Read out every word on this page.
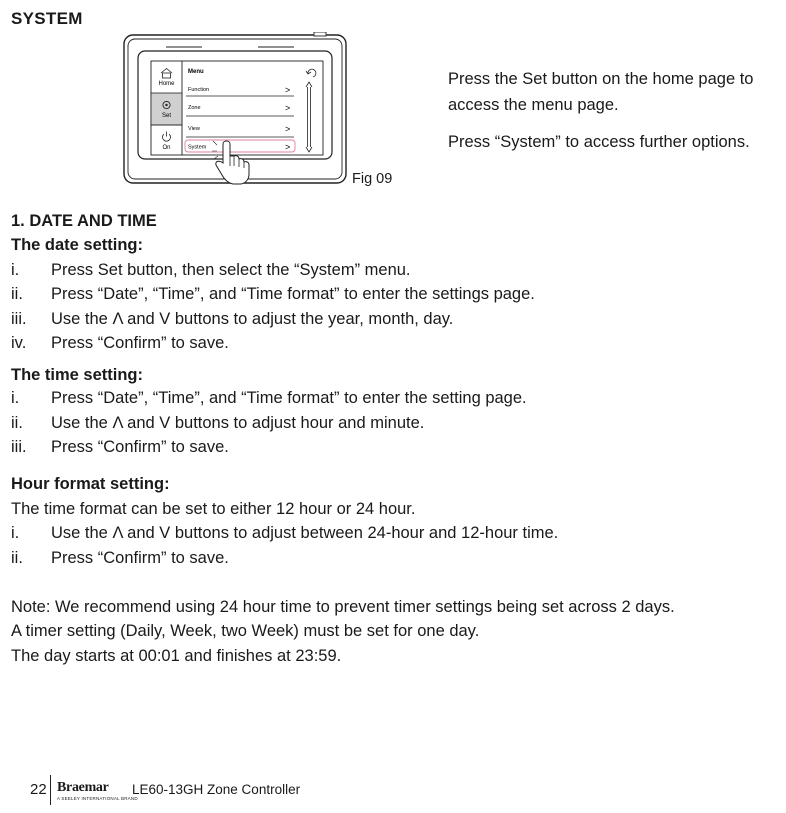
SYSTEM
Home
Set
On
Menu
Function	>
Zone	>
View	>
System	>
Fig 09
Press the Set button on the home page to
access the menu page.
Press “System” to access further options.
1. DATE AND TIME
The date setting:
i. Press Set button, then select the “System” menu.
ii. Press “Date”, “Time”, and “Time format” to enter the settings page.
iii. Use the Λ and V buttons to adjust the year, month, day.
iv. Press “Confirm” to save.
The time setting:
i. Press “Date”, “Time”, and “Time format” to enter the setting page.
ii. Use the Λ and V buttons to adjust hour and minute.
iii. Press “Confirm” to save.
Hour format setting:
The time format can be set to either 12 hour or 24 hour.
i. Use the Λ and V buttons to adjust between 24-hour and 12-hour time.
ii. Press “Confirm” to save.
Note: We recommend using 24 hour time to prevent timer settings being set across 2 days.
A timer setting (Daily, Week, two Week) must be set for one day.
The day starts at 00:01 and finishes at 23:59.
22 Braemar
A SEELEY INTERNATIONAL BRAND
LE60-13GH Zone Controller
